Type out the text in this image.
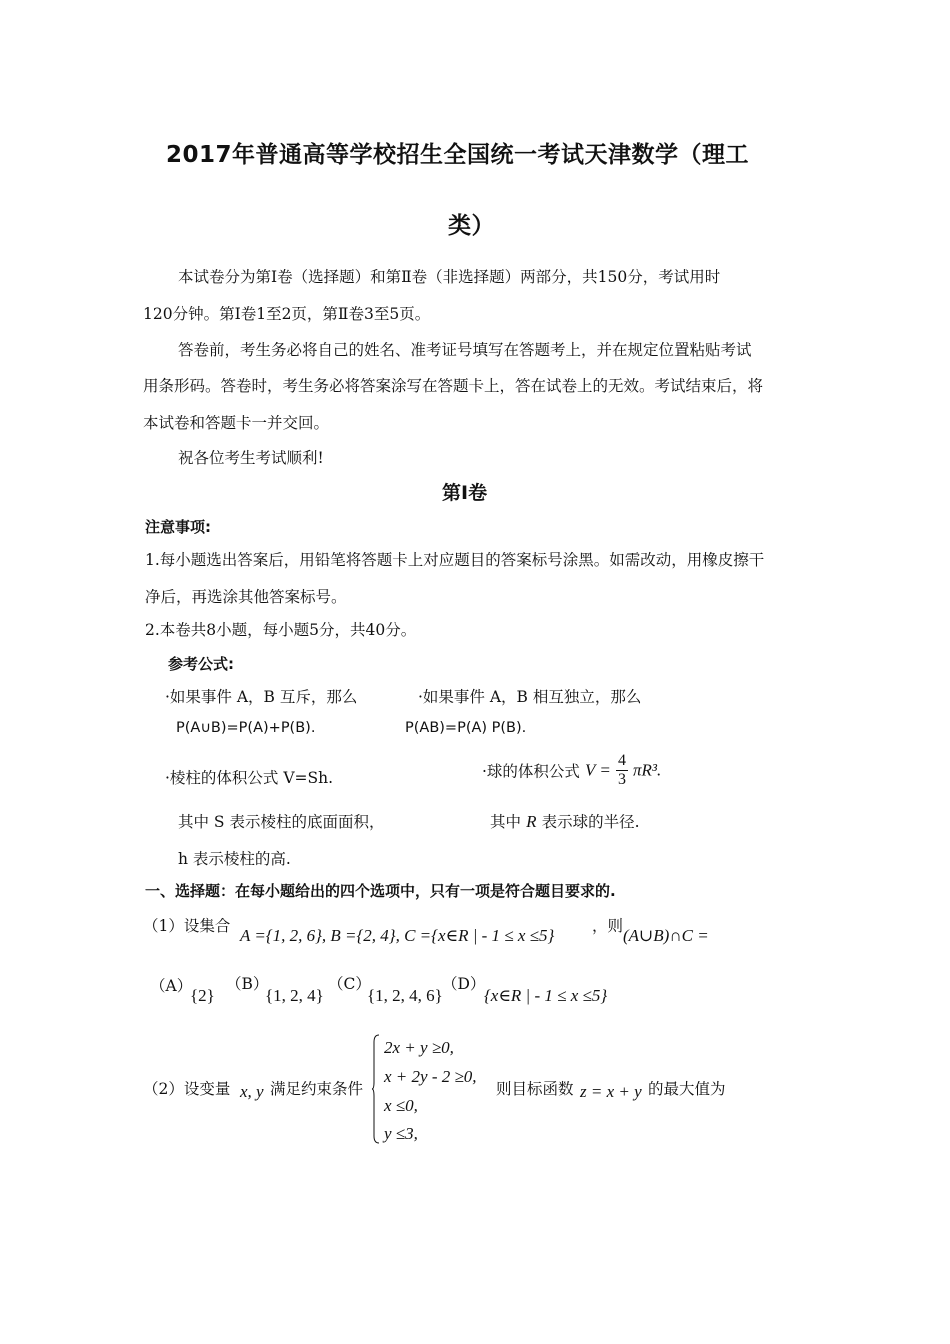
2017年普通高等学校招生全国统一考试天津数学（理工
类）
本试卷分为第Ⅰ卷（选择题）和第Ⅱ卷（非选择题）两部分，共150分，考试用时
120分钟。第Ⅰ卷1至2页，第Ⅱ卷3至5页。
答卷前，考生务必将自己的姓名、准考证号填写在答题考上，并在规定位置粘贴考试
用条形码。答卷时，考生务必将答案涂写在答题卡上，答在试卷上的无效。考试结束后，将
本试卷和答题卡一并交回。
祝各位考生考试顺利!
第Ⅰ卷
注意事项:
1.每小题选出答案后，用铅笔将答题卡上对应题目的答案标号涂黑。如需改动，用橡皮擦干
净后，再选涂其他答案标号。
2.本卷共8小题，每小题5分，共40分。
参考公式:
·如果事件 A，B 互斥，那么
P(A∪B)=P(A)+P(B).
·如果事件 A，B 相互独立，那么
P(AB)=P(A) P(B).
·棱柱的体积公式 V=Sh.
其中 S 表示棱柱的底面面积，
h 表示棱柱的高.
·球的体积公式 $V = \frac{4}{3} \pi R^3$.
其中 R 表示球的半径.
一、选择题：在每小题给出的四个选项中，只有一项是符合题目要求的.
（1）设集合 A ={1, 2, 6}, B ={2, 4}, C ={x∈R | - 1 ≤ x ≤5} ，则 (A∪B)∩C =
（A）
{2}
（B）
{1, 2, 4}
（C）
{1, 2, 4, 6}
（D）
{x∈R | - 1 ≤ x ≤5}
（2）设变量 x, y 满足约束条件
2x + y ≥0,
x + 2y - 2 ≥0,
x ≤0,
y ≤3,
则目标函数 z = x + y 的最大值为
